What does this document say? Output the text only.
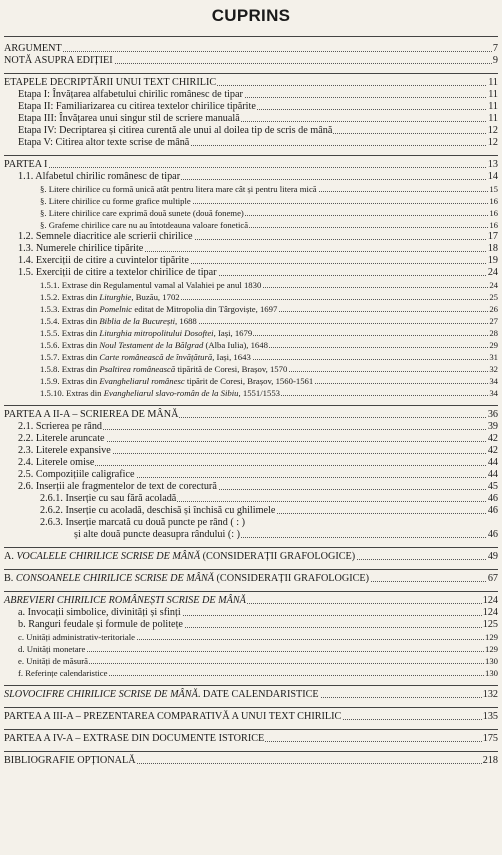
CUPRINS
ARGUMENT	7
NOTĂ ASUPRA EDIȚIEI	9
ETAPELE DECRIPTĂRII UNUI TEXT CHIRILIC	11
Etapa I: Învățarea alfabetului chirilic românesc de tipar	11
Etapa II: Familiarizarea cu citirea textelor chirilice tipărite	11
Etapa III: Învățarea unui singur stil de scriere manuală	11
Etapa IV: Decriptarea și citirea curentă ale unui al doilea tip de scris de mână	12
Etapa V: Citirea altor texte scrise de mână	12
PARTEA I	13
1.1. Alfabetul chirilic românesc de tipar	14
§. Litere chirilice cu formă unică atât pentru litera mare cât și pentru litera mică	15
§. Litere chirilice cu forme grafice multiple	16
§. Litere chirilice care exprimă două sunete (două foneme)	16
§. Grafeme chirilice care nu au întotdeauna valoare fonetică	16
1.2. Semnele diacritice ale scrierii chirilice	17
1.3. Numerele chirilice tipărite	18
1.4. Exerciții de citire a cuvintelor tipărite	19
1.5. Exerciții de citire a textelor chirilice de tipar	24
1.5.1. Extrase din Regulamentul vamal al Valahiei pe anul 1830	24
1.5.2. Extras din Liturghie, Buzău, 1702	25
1.5.3. Extras din Pomelnic editat de Mitropolia din Târgoviște, 1697	26
1.5.4. Extras din Biblia de la București, 1688	27
1.5.5. Extras din Liturghia mitropolitului Dosoftei, Iași, 1679	28
1.5.6. Extras din Noul Testament de la Bălgrad (Alba Iulia), 1648	29
1.5.7. Extras din Carte românească de învățătură, Iași, 1643	31
1.5.8. Extras din Psaltirea românească tipărită de Coresi, Brașov, 1570	32
1.5.9. Extras din Evangheliarul românesc tipărit de Coresi, Brașov, 1560-1561	34
1.5.10. Extras din Evangheliarul slavo-român de la Sibiu, 1551/1553	34
PARTEA A II-A – SCRIEREA DE MÂNĂ	36
2.1. Scrierea pe rând	39
2.2. Literele aruncate	42
2.3. Literele expansive	42
2.4. Literele omise	44
2.5. Compozițiile caligrafice	44
2.6. Inserții ale fragmentelor de text de corectură	45
2.6.1. Inserție cu sau fără acoladă	46
2.6.2. Inserție cu acoladă, deschisă și închisă cu ghilimele	46
2.6.3. Inserție marcată cu două puncte pe rând ( : )
și alte două puncte deasupra rândului (: )	46
A. VOCALELE CHIRILICE SCRISE DE MÂNĂ (CONSIDERAȚII GRAFOLOGICE)	49
B. CONSOANELE CHIRILICE SCRISE DE MÂNĂ (CONSIDERAȚII GRAFOLOGICE)	67
ABREVIERI CHIRILICE ROMÂNEȘTI SCRISE DE MÂNĂ	124
a. Invocații simbolice, divinități și sfinți	124
b. Ranguri feudale și formule de politețe	125
c. Unități administrativ-teritoriale	129
d. Unități monetare	129
e. Unități de măsură	130
f. Referințe calendaristice	130
SLOVOCIFRE CHIRILICE SCRISE DE MÂNĂ. DATE CALENDARISTICE	132
PARTEA A III-A – PREZENTAREA COMPARATIVĂ A UNUI TEXT CHIRILIC	135
PARTEA A IV-A – EXTRASE DIN DOCUMENTE ISTORICE	175
BIBLIOGRAFIE OPȚIONALĂ	218
